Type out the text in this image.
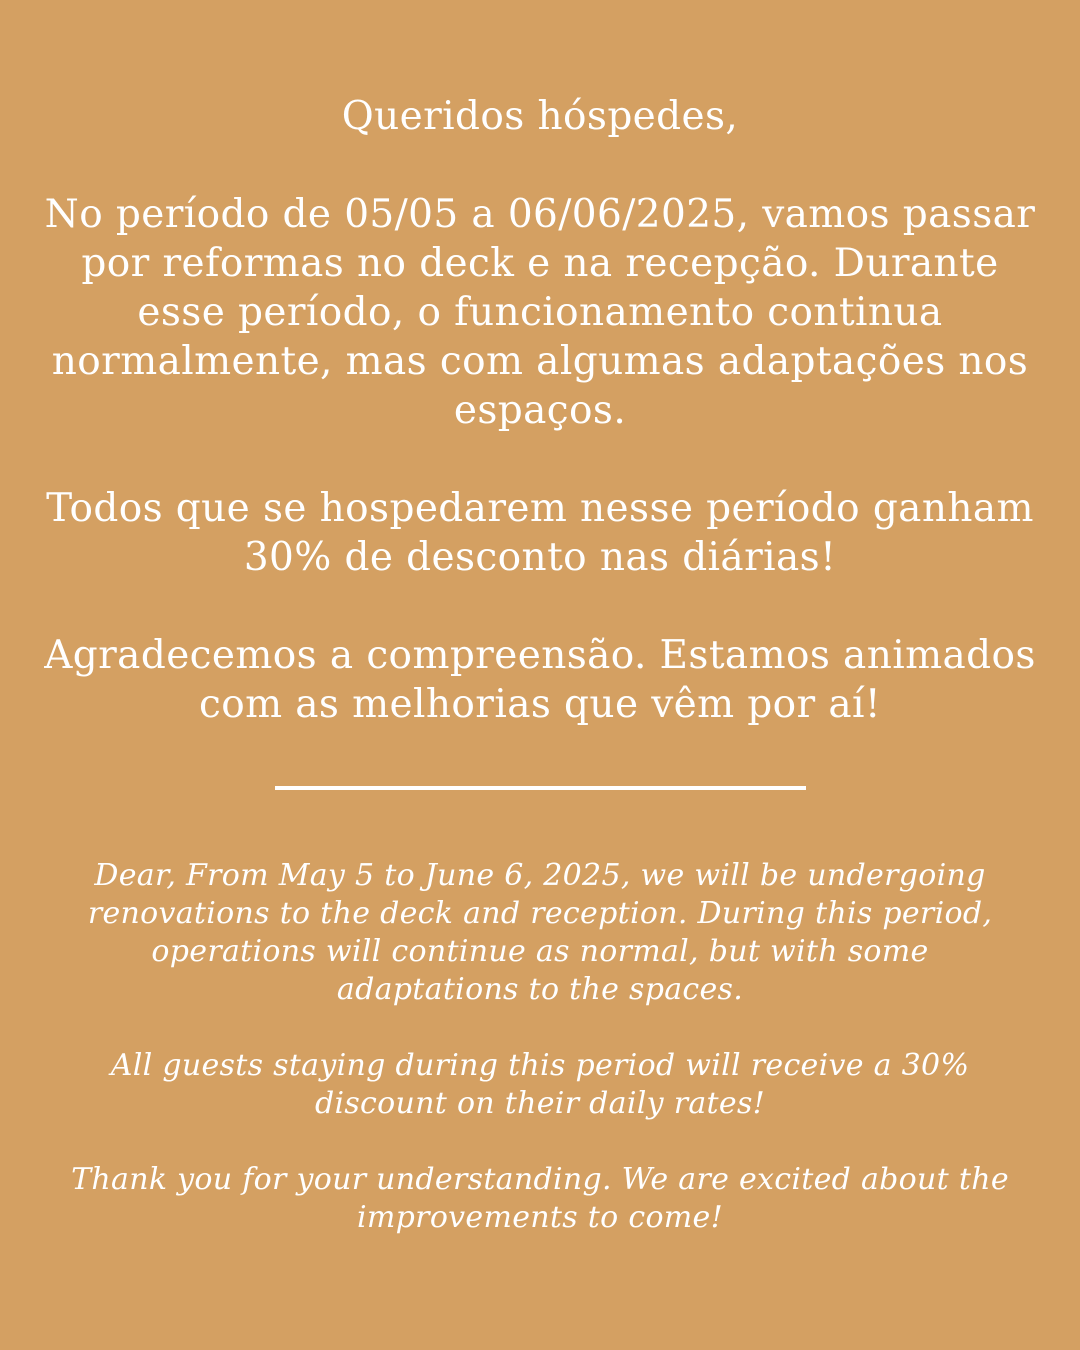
Queridos hóspedes,

No período de 05/05 a 06/06/2025, vamos passar por reformas no deck e na recepção. Durante esse período, o funcionamento continua normalmente, mas com algumas adaptações nos espaços.

Todos que se hospedarem nesse período ganham 30% de desconto nas diárias!

Agradecemos a compreensão. Estamos animados com as melhorias que vêm por aí!

Dear, From May 5 to June 6, 2025, we will be undergoing renovations to the deck and reception. During this period, operations will continue as normal, but with some adaptations to the spaces.

All guests staying during this period will receive a 30% discount on their daily rates!

Thank you for your understanding. We are excited about the improvements to come!
